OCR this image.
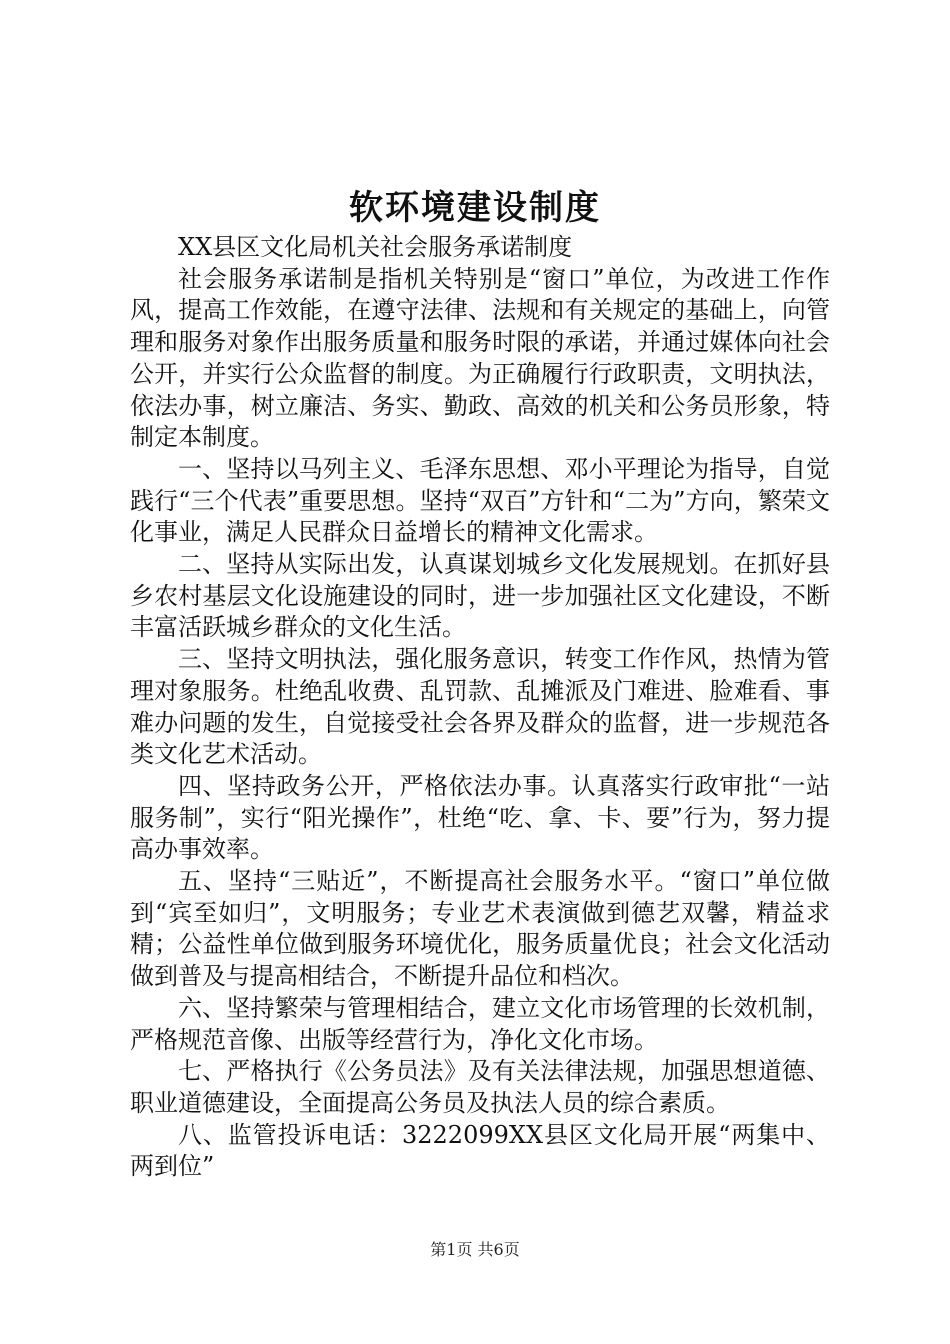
软环境建设制度

XX县区文化局机关社会服务承诺制度

社会服务承诺制是指机关特别是“窗口”单位，为改进工作作风，提高工作效能，在遵守法律、法规和有关规定的基础上，向管理和服务对象作出服务质量和服务时限的承诺，并通过媒体向社会公开，并实行公众监督的制度。为正确履行行政职责，文明执法，依法办事，树立廉洁、务实、勤政、高效的机关和公务员形象，特制定本制度。

一、坚持以马列主义、毛泽东思想、邓小平理论为指导，自觉践行“三个代表”重要思想。坚持“双百”方针和“二为”方向，繁荣文化事业，满足人民群众日益增长的精神文化需求。

二、坚持从实际出发，认真谋划城乡文化发展规划。在抓好县乡农村基层文化设施建设的同时，进一步加强社区文化建设，不断丰富活跃城乡群众的文化生活。

三、坚持文明执法，强化服务意识，转变工作作风，热情为管理对象服务。杜绝乱收费、乱罚款、乱摊派及门难进、脸难看、事难办问题的发生，自觉接受社会各界及群众的监督，进一步规范各类文化艺术活动。

四、坚持政务公开，严格依法办事。认真落实行政审批“一站服务制”，实行“阳光操作”，杜绝“吃、拿、卡、要”行为，努力提高办事效率。

五、坚持“三贴近”，不断提高社会服务水平。“窗口”单位做到“宾至如归”，文明服务；专业艺术表演做到德艺双馨，精益求精；公益性单位做到服务环境优化，服务质量优良；社会文化活动做到普及与提高相结合，不断提升品位和档次。

六、坚持繁荣与管理相结合，建立文化市场管理的长效机制，严格规范音像、出版等经营行为，净化文化市场。

七、严格执行《公务员法》及有关法律法规，加强思想道德、职业道德建设，全面提高公务员及执法人员的综合素质。

八、监管投诉电话：3222099XX县区文化局开展“两集中、两到位”

第1页 共6页
